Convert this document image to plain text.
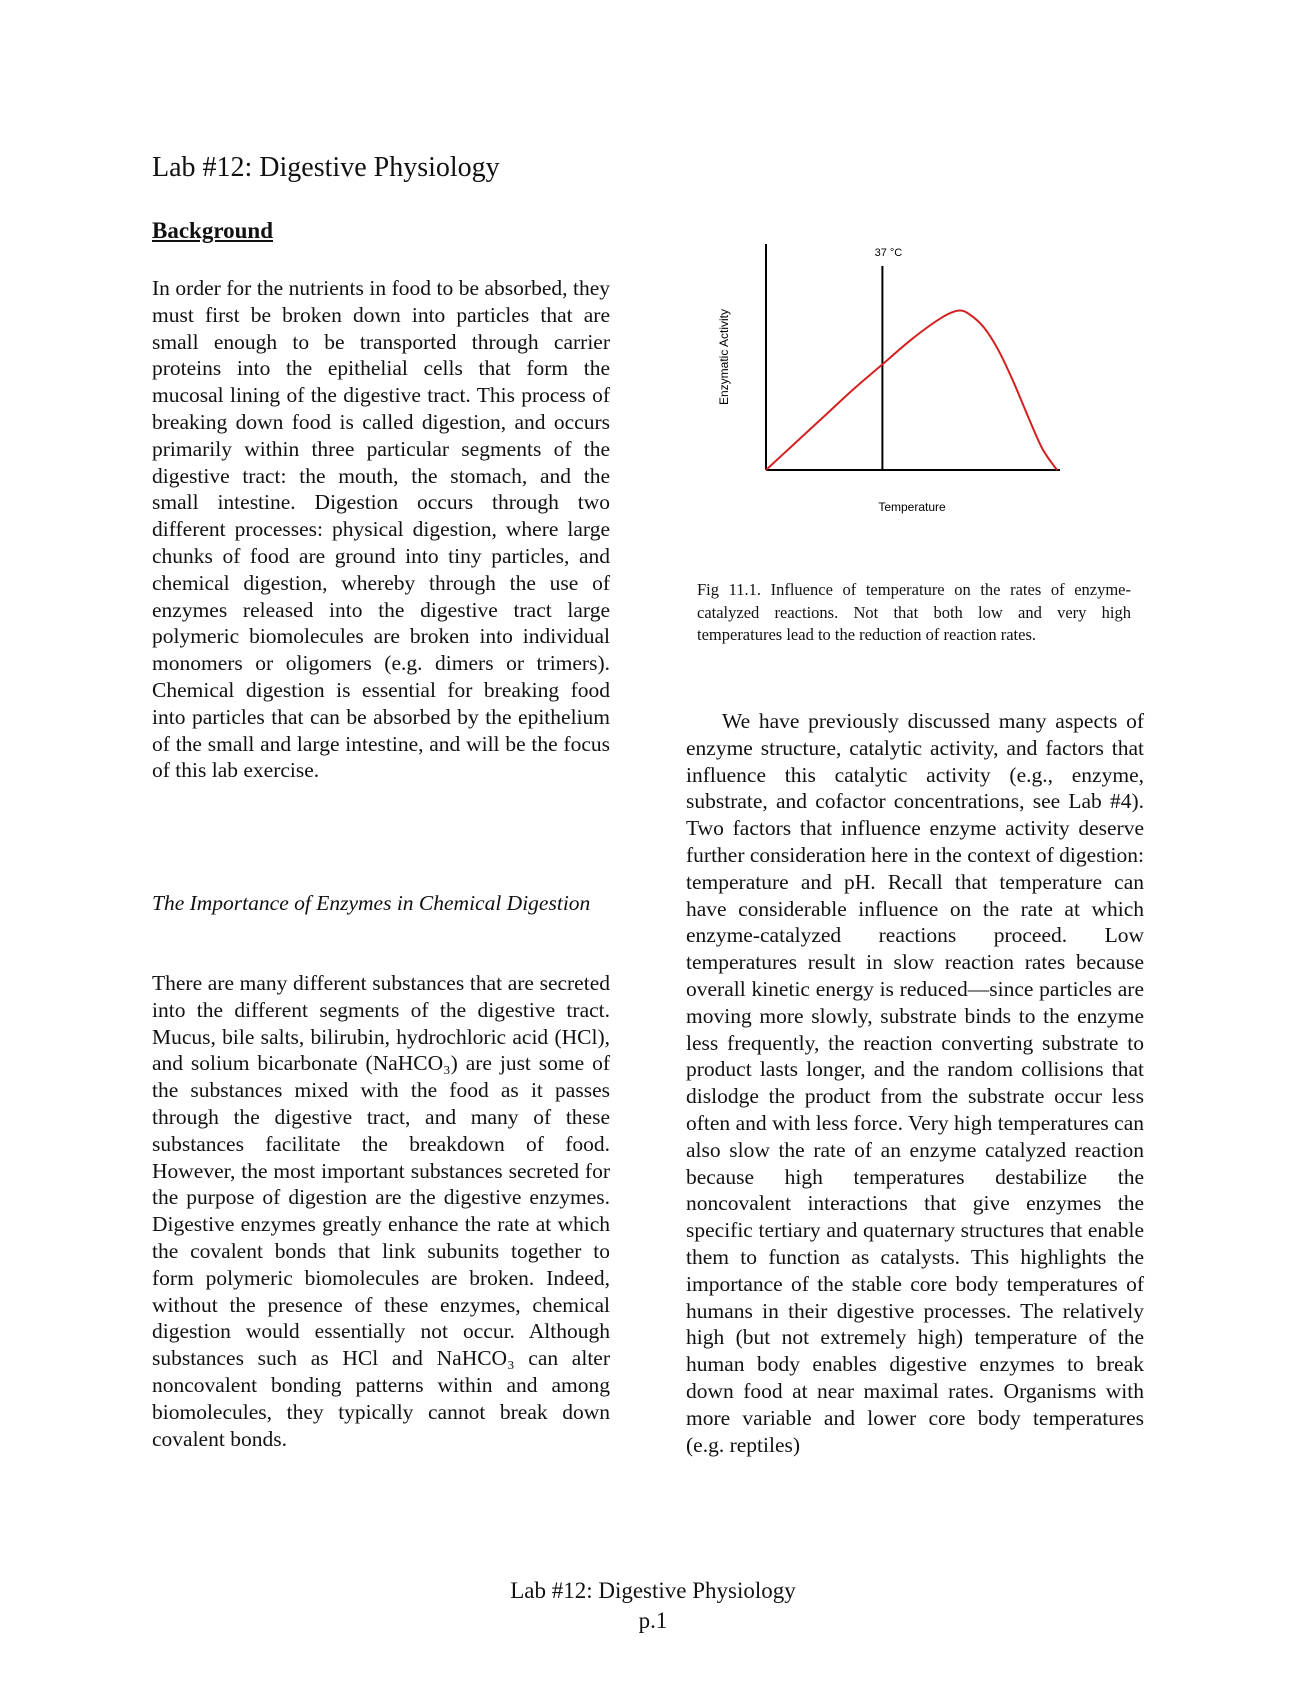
Lab #12: Digestive Physiology
Background

In order for the nutrients in food to be absorbed, they must first be broken down into particles that are small enough to be transported through carrier proteins into the epithelial cells that form the mucosal lining of the digestive tract. This process of breaking down food is called digestion, and occurs primarily within three particular segments of the digestive tract: the mouth, the stomach, and the small intestine. Digestion occurs through two different processes: physical digestion, where large chunks of food are ground into tiny particles, and chemical digestion, whereby through the use of enzymes released into the digestive tract large polymeric biomolecules are broken into individual monomers or oligomers (e.g. dimers or trimers). Chemical digestion is essential for breaking food into particles that can be absorbed by the epithelium of the small and large intestine, and will be the focus of this lab exercise.

The Importance of Enzymes in Chemical Digestion

There are many different substances that are secreted into the different segments of the digestive tract. Mucus, bile salts, bilirubin, hydrochloric acid (HCl), and solium bicarbonate (NaHCO₃) are just some of the substances mixed with the food as it passes through the digestive tract, and many of these substances facilitate the breakdown of food. However, the most important substances secreted for the purpose of digestion are the digestive enzymes. Digestive enzymes greatly enhance the rate at which the covalent bonds that link subunits together to form polymeric biomolecules are broken. Indeed, without the presence of these enzymes, chemical digestion would essentially not occur. Although substances such as HCl and NaHCO₃ can alter noncovalent bonding patterns within and among biomolecules, they typically cannot break down covalent bonds.

37 °C
Temperature
Enzymatic Activity
Fig 11.1. Influence of temperature on the rates of enzyme-catalyzed reactions. Not that both low and very high temperatures lead to the reduction of reaction rates.

We have previously discussed many aspects of enzyme structure, catalytic activity, and factors that influence this catalytic activity (e.g., enzyme, substrate, and cofactor concentrations, see Lab #4). Two factors that influence enzyme activity deserve further consideration here in the context of digestion: temperature and pH. Recall that temperature can have considerable influence on the rate at which enzyme-catalyzed reactions proceed. Low temperatures result in slow reaction rates because overall kinetic energy is reduced—since particles are moving more slowly, substrate binds to the enzyme less frequently, the reaction converting substrate to product lasts longer, and the random collisions that dislodge the product from the substrate occur less often and with less force. Very high temperatures can also slow the rate of an enzyme catalyzed reaction because high temperatures destabilize the noncovalent interactions that give enzymes the specific tertiary and quaternary structures that enable them to function as catalysts. This highlights the importance of the stable core body temperatures of humans in their digestive processes. The relatively high (but not extremely high) temperature of the human body enables digestive enzymes to break down food at near maximal rates. Organisms with more variable and lower core body temperatures (e.g. reptiles)

Lab #12: Digestive Physiology
p.1
